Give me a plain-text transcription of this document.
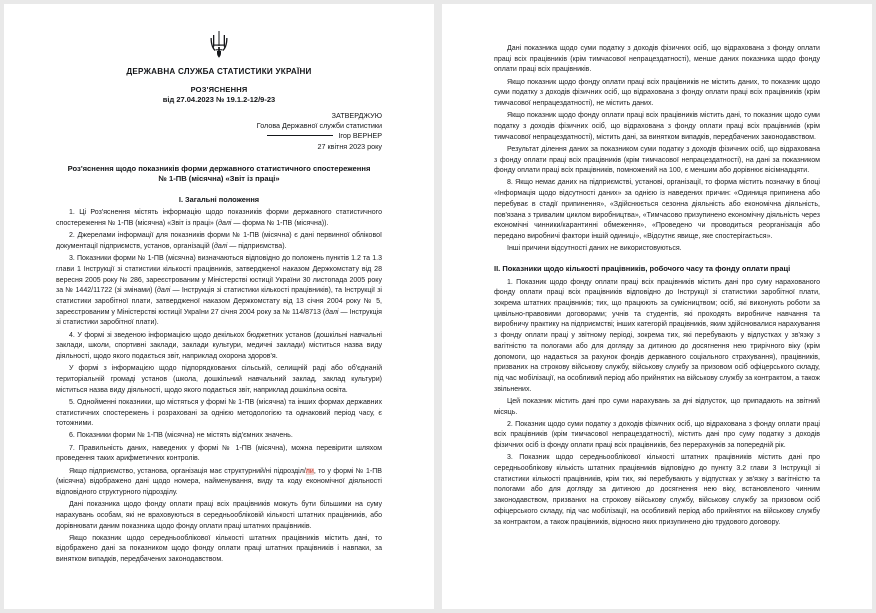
ДЕРЖАВНА СЛУЖБА СТАТИСТИКИ УКРАЇНИ
РОЗ'ЯСНЕННЯ
від 27.04.2023 № 19.1.2-12/9-23
ЗАТВЕРДЖУЮ
Голова Державної служби статистики
Ігор ВЕРНЕР
27 квітня 2023 року
Роз'яснення щодо показників форми державного статистичного спостереження
№ 1-ПВ (місячна) «Звіт із праці»
I. Загальні положення

1. Ці Роз'яснення містять інформацію щодо показників форми державного статистичного спостереження № 1-ПВ (місячна) «Звіт із праці» (далі — форма № 1-ПВ (місячна)).

2. Джерелами інформації для показників форми № 1-ПВ (місячна) є дані первинної облікової документації підприємств, установ, організацій (далі — підприємства).

3. Показники форми № 1-ПВ (місячна) визначаються відповідно до положень пунктів 1.2 та 1.3 глави 1 Інструкції зі статистики кількості працівників, затвердженої наказом Держкомстату від 28 вересня 2005 року № 286, зареєстрованим у Міністерстві юстиції України 30 листопада 2005 року за № 1442/11722 (зі змінами) (далі — Інструкція зі статистики кількості працівників), та Інструкції зі статистики заробітної плати, затвердженої наказом Держкомстату від 13 січня 2004 року № 5, зареєстрованим у Міністерстві юстиції України 27 січня 2004 року за № 114/8713 (далі — Інструкція зі статистики заробітної плати).

4. У формі зі зведеною інформацією щодо декількох бюджетних установ (дошкільні навчальні заклади, школи, спортивні заклади, заклади культури, медичні заклади) міститься назва виду діяльності, щодо якого подається звіт, наприклад охорона здоров'я.

У формі з інформацією щодо підпорядкованих сільській, селищній раді або об'єднаній територіальній громаді установ (школа, дошкільний навчальний заклад, заклад культури) міститься назва виду діяльності, щодо якого подається звіт, наприклад дошкільна освіта.

5. Однойменні показники, що містяться у формі № 1-ПВ (місячна) та інших формах державних статистичних спостережень і розраховані за однією методологією та однаковий період часу, є тотожними.

6. Показники форми № 1-ПВ (місячна) не містять від'ємних значень.

7. Правильність даних, наведених у формі № 1-ПВ (місячна), можна перевірити шляхом проведення таких арифметичних контролів.

Якщо підприємство, установа, організація має структурний/ні підрозділ/ли, то у формі № 1-ПВ (місячна) відображено дані щодо номера, найменування, виду та коду економічної діяльності відповідного структурного підрозділу.

Дані показника щодо фонду оплати праці всіх працівників можуть бути більшими на суму нарахувань особам, які не враховуються в середньообліковій кількості штатних працівників, або дорівнювати даним показника щодо фонду оплати праці штатних працівників.

Якщо показник щодо середньооблікової кількості штатних працівників містить дані, то відображено дані за показником щодо фонду оплати праці штатних працівників і навпаки, за винятком випадків, передбачених законодавством.

Дані показника щодо суми податку з доходів фізичних осіб, що відрахована з фонду оплати праці всіх працівників (крім тимчасової непрацездатності), менше даних показника щодо фонду оплати праці всіх працівників.

Якщо показник щодо фонду оплати праці всіх працівників не містить даних, то показник щодо суми податку з доходів фізичних осіб, що відрахована з фонду оплати праці всіх працівників (крім тимчасової непрацездатності), не містить даних.

Якщо показник щодо фонду оплати праці всіх працівників містить дані, то показник щодо суми податку з доходів фізичних осіб, що відрахована з фонду оплати праці всіх працівників (крім тимчасової непрацездатності), містить дані, за винятком випадків, передбачених законодавством.

Результат ділення даних за показником суми податку з доходів фізичних осіб, що відрахована з фонду оплати праці всіх працівників (крім тимчасової непрацездатності), на дані за показником фонду оплати праці всіх працівників, помножений на 100, є меншим або дорівнює вісімнадцяти.

8. Якщо немає даних на підприємстві, установі, організації, то форма містить позначку в блоці «Інформація щодо відсутності даних» за однією із наведених причин: «Одиниця припинена або перебуває в стадії припинення», «Здійснюється сезонна діяльність або економічна діяльність, пов'язана з тривалим циклом виробництва», «Тимчасово призупинено економічну діяльність через економічні чинники/карантинні обмеження», «Проведено чи проводиться реорганізація або передано виробничі фактори іншій одиниці», «Відсутнє явище, яке спостерігається».

Інші причини відсутності даних не використовуються.

II. Показники щодо кількості працівників, робочого часу та фонду оплати праці

1. Показник щодо фонду оплати праці всіх працівників містить дані про суму нарахованого фонду оплати праці всіх працівників відповідно до Інструкції зі статистики заробітної плати, зокрема штатних працівників; тих, що працюють за сумісництвом; осіб, які виконують роботи за цивільно-правовими договорами; учнів та студентів, які проходять виробниче навчання та виробничу практику на підприємстві; інших категорій працівників, яким здійснювалися нарахування з фонду оплати праці у звітному періоді, зокрема тих, які перебувають у відпустках у зв'язку з вагітністю та пологами або для догляду за дитиною до досягнення нею трирічного віку (крім допомоги, що надається за рахунок фондів державного соціального страхування), працівників, призваних на строкову військову службу, військову службу за призовом осіб офіцерського складу, під час мобілізації, на особливий період або прийнятих на військову службу за контрактом, а також звільнених.

Цей показник містить дані про суми нарахувань за дні відпусток, що припадають на звітний місяць.

2. Показник щодо суми податку з доходів фізичних осіб, що відрахована з фонду оплати праці всіх працівників (крім тимчасової непрацездатності), містить дані про суму податку з доходів фізичних осіб із фонду оплати праці всіх працівників, без перерахунків за попередній рік.

3. Показник щодо середньооблікової кількості штатних працівників містить дані про середньооблікову кількість штатних працівників відповідно до пункту 3.2 глави 3 Інструкції зі статистики кількості працівників, крім тих, які перебувають у відпустках у зв'язку з вагітністю та пологами або для догляду за дитиною до досягнення нею віку, встановленого чинним законодавством, призваних на строкову військову службу, військову службу за призовом осіб офіцерського складу, під час мобілізації, на особливий період або прийнятих на військову службу за контрактом, а також працівників, відносно яких призупинено дію трудового договору.
